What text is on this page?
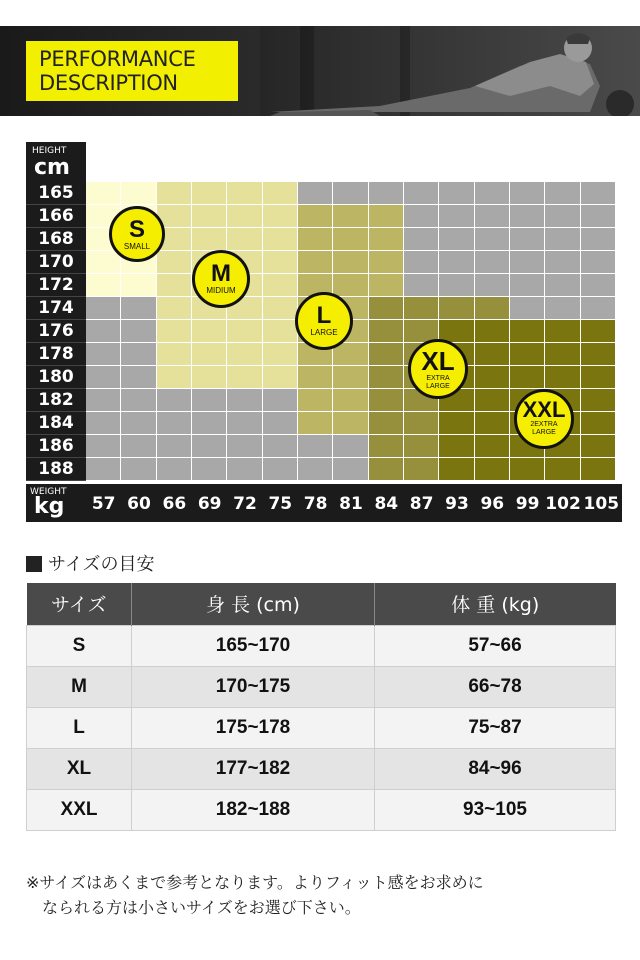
PERFORMANCE
DESCRIPTION
HEIGHT
cm
WEIGHT
kg
165
166
168
170
172
174
176
178
180
182
184
186
188
57 60 66 69 72 75 78 81 84 87 93 96 99 102 105
S
SMALL
M
MIDIUM
L
LARGE
XL
EXTRA LARGE
XXL
2EXTRA LARGE
サイズの目安
サイズ	身 長 (cm)	体 重 (kg)
S	165~170	57~66
M	170~175	66~78
L	175~178	75~87
XL	177~182	84~96
XXL	182~188	93~105
※サイズはあくまで参考となります。よりフィット感をお求めに
なられる方は小さいサイズをお選び下さい。
